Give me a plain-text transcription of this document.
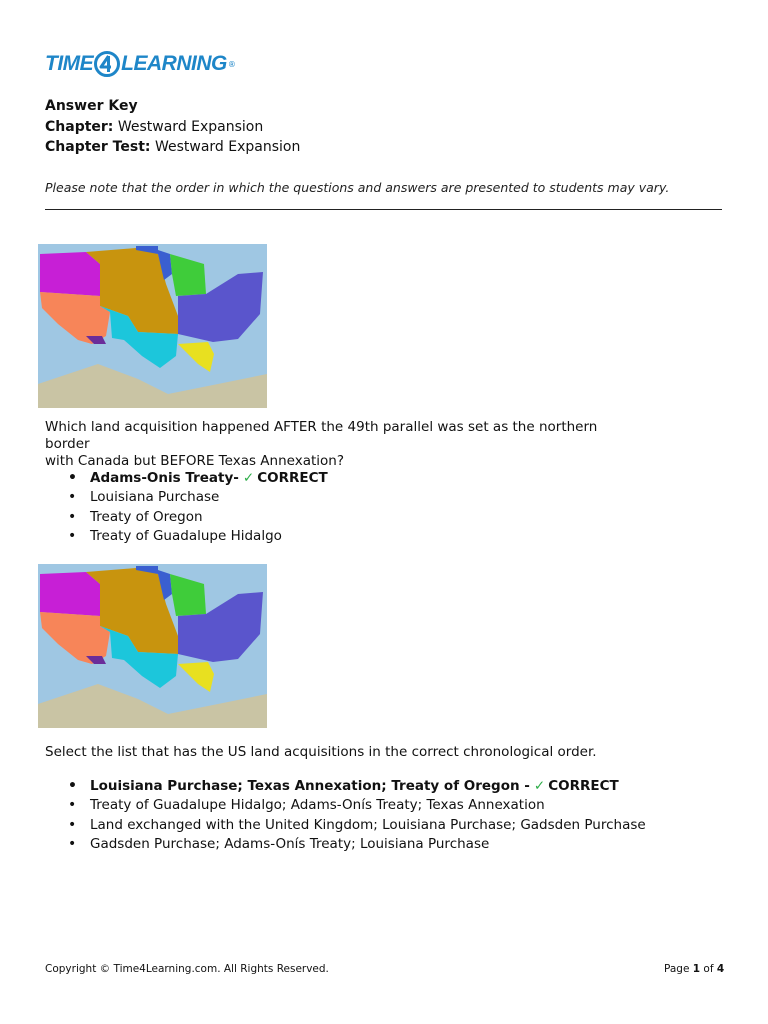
TIME LEARNING ®
Answer Key
Chapter: Westward Expansion
Chapter Test: Westward Expansion
Please note that the order in which the questions and answers are presented to students may vary.
Which land acquisition happened AFTER the 49th parallel was set as the northern border
with Canada but BEFORE Texas Annexation?
• Adams-Onis Treaty- ✓ CORRECT
• Louisiana Purchase
• Treaty of Oregon
• Treaty of Guadalupe Hidalgo
Select the list that has the US land acquisitions in the correct chronological order.
• Louisiana Purchase; Texas Annexation; Treaty of Oregon - ✓ CORRECT
• Treaty of Guadalupe Hidalgo; Adams-Onís Treaty; Texas Annexation
• Land exchanged with the United Kingdom; Louisiana Purchase; Gadsden Purchase
• Gadsden Purchase; Adams-Onís Treaty; Louisiana Purchase
Copyright © Time4Learning.com. All Rights Reserved.	Page 1 of 4
